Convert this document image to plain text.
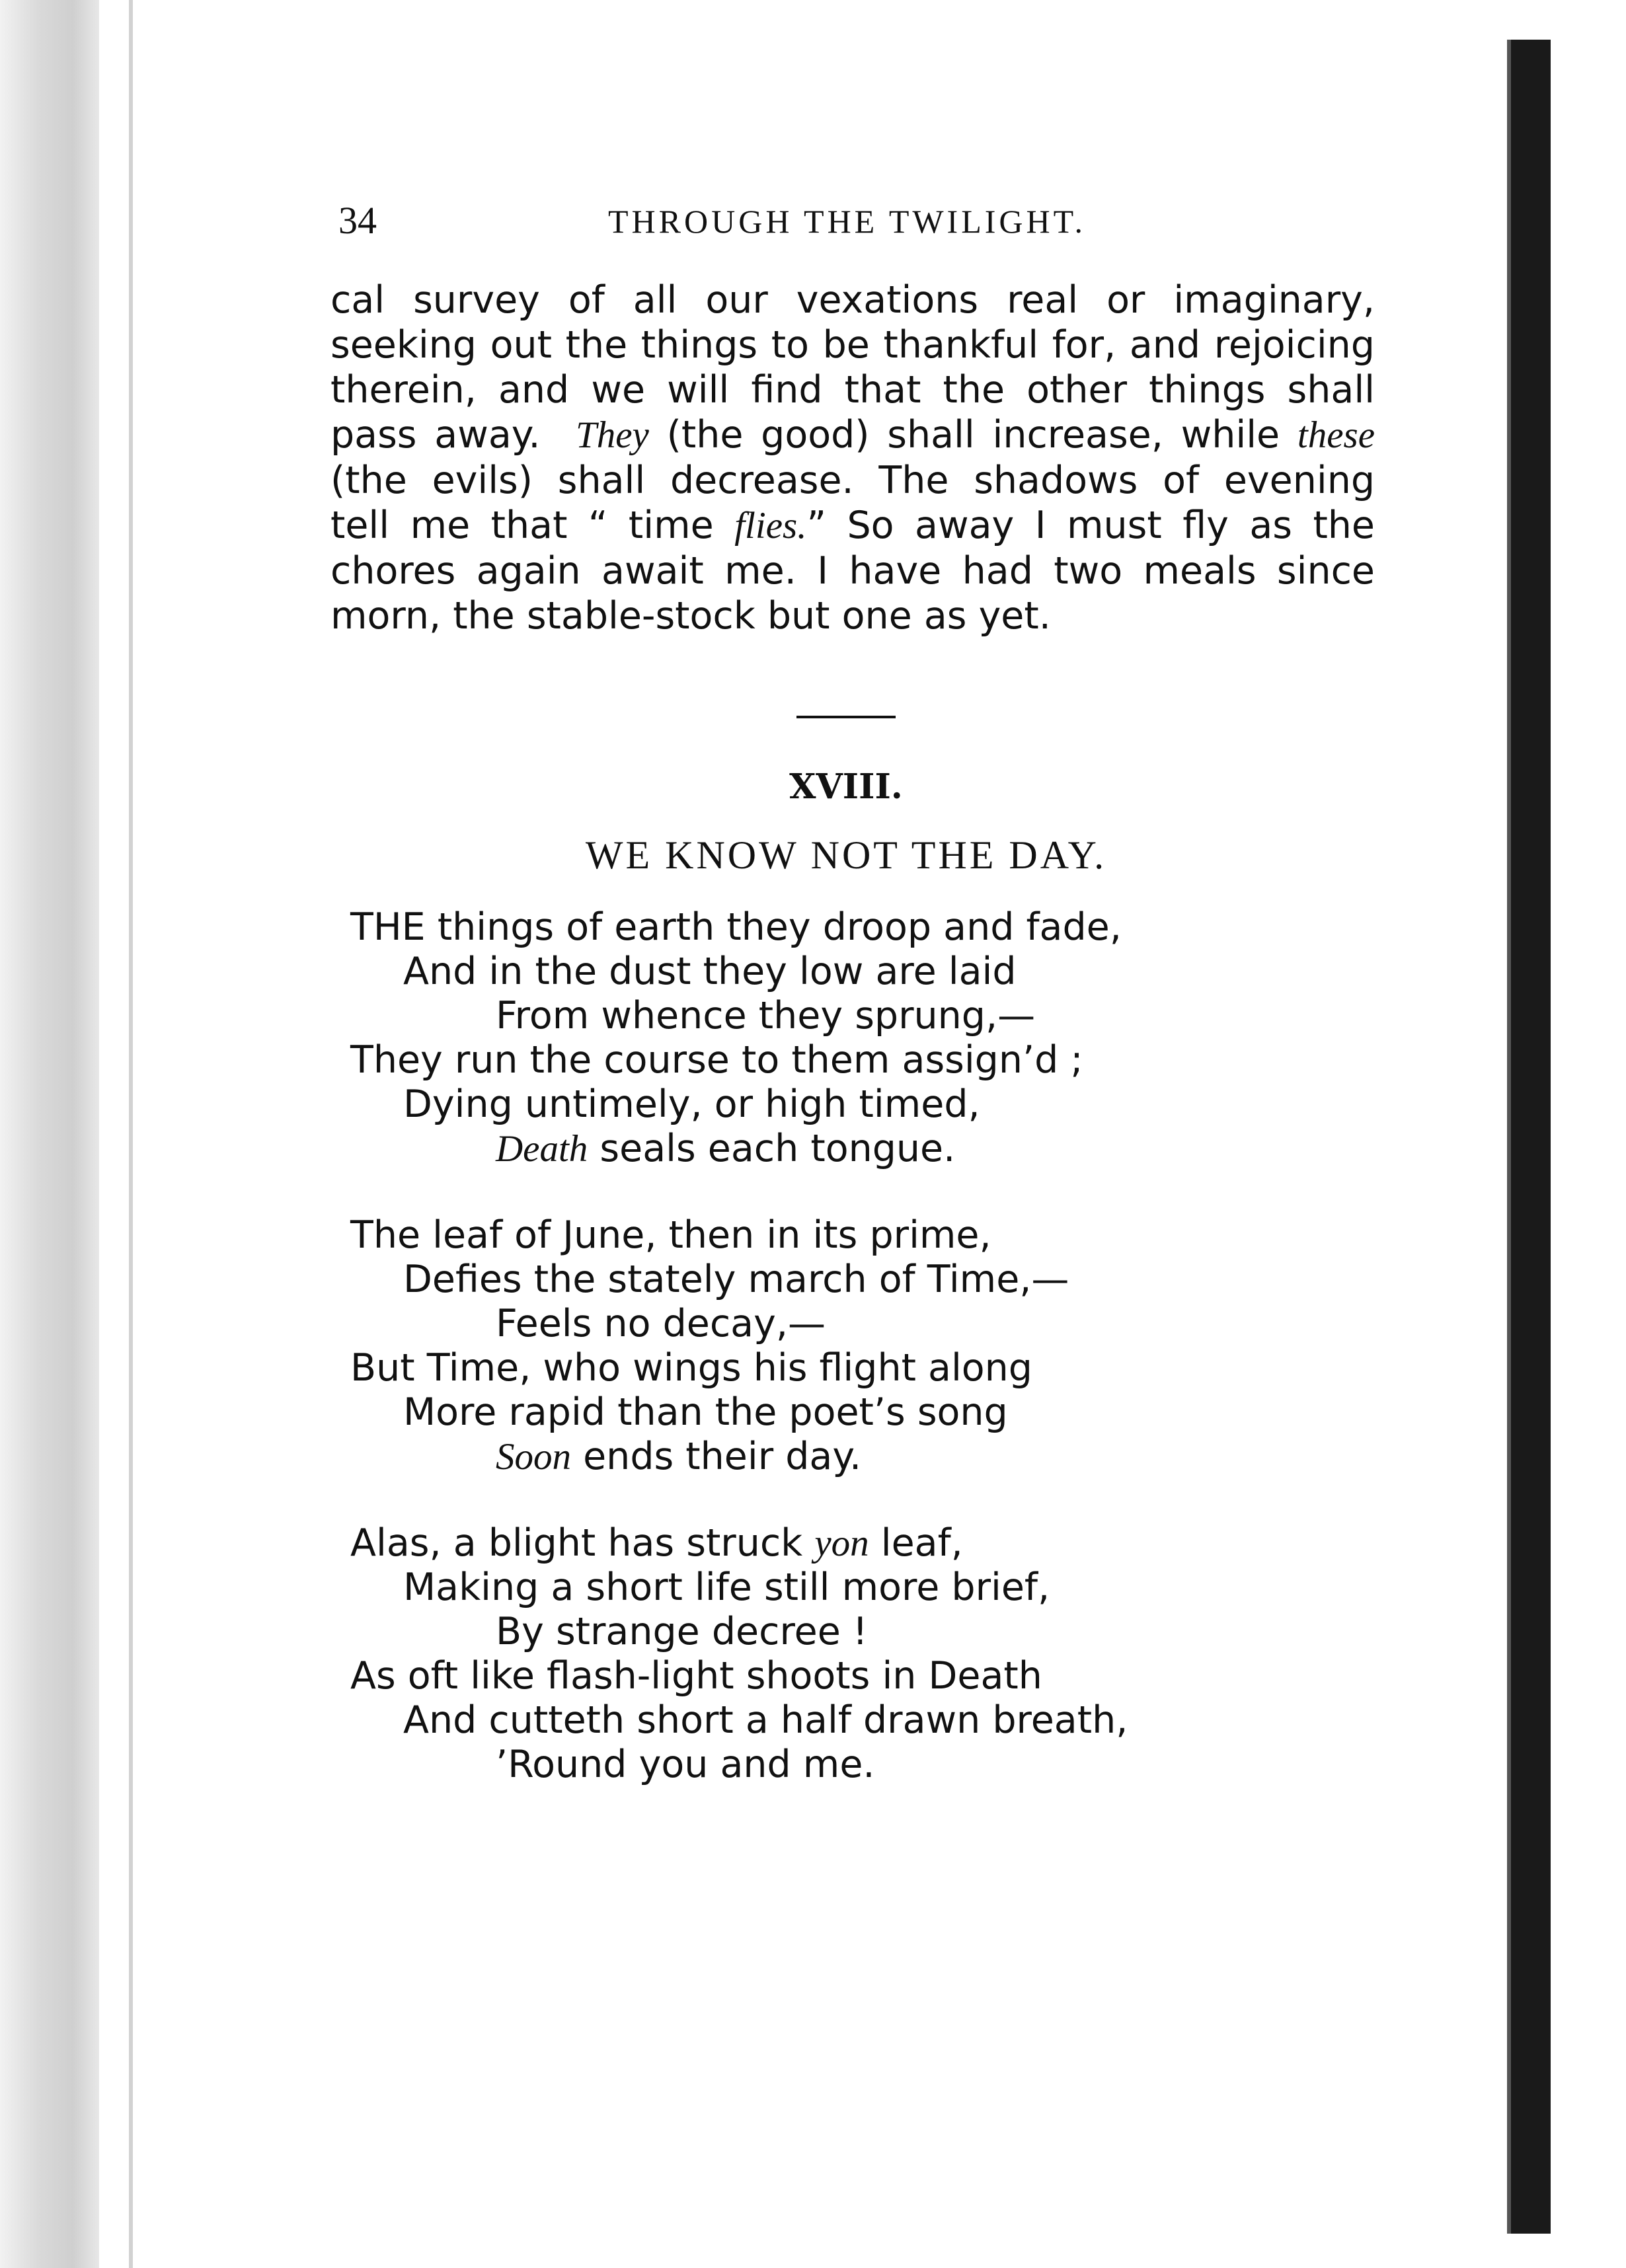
34	THROUGH THE TWILIGHT.
cal survey of all our vexations real or imaginary,
seeking out the things to be thankful for, and rejoicing
therein, and we will find that the other things shall
pass away. They (the good) shall increase, while these
(the evils) shall decrease. The shadows of evening
tell me that “ time flies.” So away I must fly as the
chores again await me. I have had two meals since
morn, the stable-stock but one as yet.
XVIII.
WE KNOW NOT THE DAY.
THE things of earth they droop and fade,
And in the dust they low are laid
From whence they sprung,—
They run the course to them assign’d ;
Dying untimely, or high timed,
Death seals each tongue.
The leaf of June, then in its prime,
Defies the stately march of Time,—
Feels no decay,—
But Time, who wings his flight along
More rapid than the poet’s song
Soon ends their day.
Alas, a blight has struck yon leaf,
Making a short life still more brief,
By strange decree !
As oft like flash-light shoots in Death
And cutteth short a half drawn breath,
’Round you and me.
